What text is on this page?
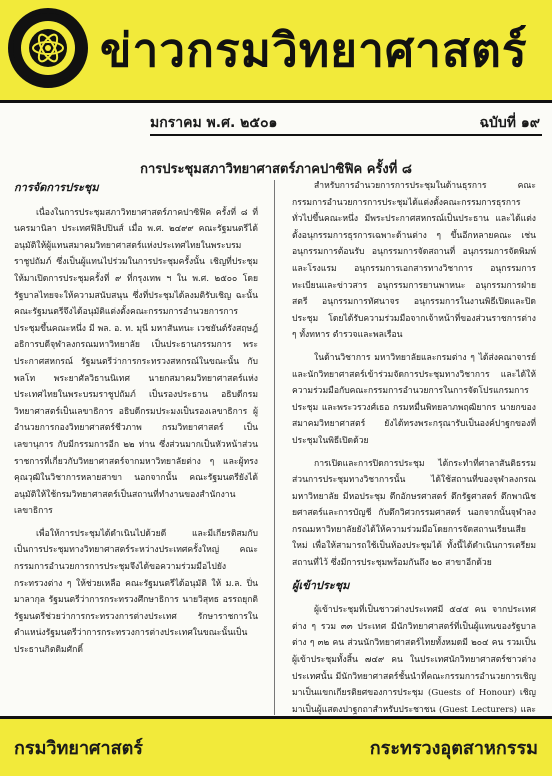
ข่าวกรมวิทยาศาสตร์
มกราคม พ.ศ. ๒๕๐๑	ฉบับที่ ๑๙
การประชุมสภาวิทยาศาสตร์ภาคปาซิฟิค ครั้งที่ ๘
การจัดการประชุม

เนื่องในการประชุมสภาวิทยาศาสตร์ภาคปาซิฟิค ครั้งที่ ๘ ที่นครมานิลา ประเทศฟิลิปปินส์ เมื่อ พ.ศ. ๒๔๙๙ คณะรัฐมนตรีได้อนุมัติให้ผู้แทนสมาคมวิทยาศาสตร์แห่งประเทศไทยในพระบรมราชูปถัมภ์ ซึ่งเป็นผู้แทนไปร่วมในการประชุมครั้งนั้น เชิญที่ประชุมให้มาเปิดการประชุมครั้งที่ ๙ ที่กรุงเทพ ฯ ใน พ.ศ. ๒๕๐๐ โดยรัฐบาลไทยจะให้ความสนับสนุน ซึ่งที่ประชุมได้ลงมติรับเชิญ ฉะนั้นคณะรัฐมนตรีจึงได้อนุมัติแต่งตั้งคณะกรรมการอำนวยการการประชุมขึ้นคณะหนึ่ง มี พล. อ. ท. มุนี มหาสันทนะ เวชยันต์รังสฤษฎ์ อธิการบดีจุฬาลงกรณมหาวิทยาลัย เป็นประธานกรรมการ พระประกาศสหกรณ์ รัฐมนตรีว่าการกระทรวงสหกรณ์ในขณะนั้น กับพลโท พระยาศัลวิธานนิเทศ นายกสมาคมวิทยาศาสตร์แห่งประเทศไทยในพระบรมราชูปถัมภ์ เป็นรองประธาน อธิบดีกรมวิทยาศาสตร์เป็นเลขาธิการ อธิบดีกรมประมงเป็นรองเลขาธิการ ผู้อำนวยการกองวิทยาศาสตร์ชีวภาพ กรมวิทยาศาสตร์ เป็นเลขานุการ กับมีกรรมการอีก ๒๒ ท่าน ซึ่งส่วนมากเป็นหัวหน้าส่วนราชการที่เกี่ยวกับวิทยาศาสตร์จากมหาวิทยาลัยต่าง ๆ และผู้ทรงคุณวุฒิในวิชาการหลายสาขา นอกจากนั้น คณะรัฐมนตรียังได้อนุมัติให้ใช้กรมวิทยาศาสตร์เป็นสถานที่ทำงานของสำนักงานเลขาธิการ

เพื่อให้การประชุมได้ดำเนินไปด้วยดี และมีเกียรติสมกับเป็นการประชุมทางวิทยาศาสตร์ระหว่างประเทศครั้งใหญ่ คณะกรรมการอำนวยการการประชุมจึงได้ขอความร่วมมือไปยังกระทรวงต่าง ๆ ให้ช่วยเหลือ คณะรัฐมนตรีได้อนุมัติ ให้ ม.ล. ปิ่น มาลากุล รัฐมนตรีว่าการกระทรวงศึกษาธิการ นายวิสุทธ อรรถยุกติ รัฐมนตรีช่วยว่าการกระทรวงการต่างประเทศ รักษาราชการในตำแหน่งรัฐมนตรีว่าการกระทรวงการต่างประเทศในขณะนั้นเป็นประธานกิตติมศักดิ์

สำหรับการอำนวยการการประชุมในด้านธุรการ คณะกรรมการอำนวยการการประชุมได้แต่งตั้งคณะกรรมการธุรการทั่วไปขึ้นคณะหนึ่ง มีพระประกาศสหกรณ์เป็นประธาน และได้แต่งตั้งอนุกรรมการธุรการเฉพาะด้านต่าง ๆ ขึ้นอีกหลายคณะ เช่นอนุกรรมการต้อนรับ อนุกรรมการจัดสถานที่ อนุกรรมการจัดพิมพ์ และโรงแรม อนุกรรมการเอกสารทางวิชาการ อนุกรรมการทะเบียนและข่าวสาร อนุกรรมการยานพาหนะ อนุกรรมการฝ่ายสตรี อนุกรรมการทัศนาจร อนุกรรมการในงานพิธีเปิดและปิดประชุม โดยได้รับความร่วมมือจากเจ้าหน้าที่ของส่วนราชการต่าง ๆ ทั้งทหาร ตำรวจและพลเรือน

ในด้านวิชาการ มหาวิทยาลัยและกรมต่าง ๆ ได้ส่งคณาจารย์และนักวิทยาศาสตร์เข้าร่วมจัดการประชุมทางวิชาการ และได้ให้ความร่วมมือกับคณะกรรมการอำนวยการในการจัดโปรแกรมการประชุม และพระวรวงศ์เธอ กรมหมื่นพิทยลาภพฤฒิยากร นายกของสมาคมวิทยาศาสตร์ ยังได้ทรงพระกรุณารับเป็นองค์ปาฐกของที่ประชุมในพิธีเปิดด้วย

การเปิดและการปิดการประชุม ได้กระทำที่ศาลาสันติธรรม ส่วนการประชุมทางวิชาการนั้น ได้ใช้สถานที่ของจุฬาลงกรณมหาวิทยาลัย มีหอประชุม ตึกอักษรศาสตร์ ตึกรัฐศาสตร์ ตึกพาณิชยศาสตร์และการบัญชี กับตึกวิศวกรรมศาสตร์ นอกจากนั้นจุฬาลงกรณมหาวิทยาลัยยังได้ให้ความร่วมมือโดยการจัดสถานเรียนเสียใหม่ เพื่อให้สามารถใช้เป็นห้องประชุมได้ ทั้งนี้ได้ดำเนินการเตรียมสถานที่ไว้ ซึ่งมีการประชุมพร้อมกันถึง ๒๐ สาขาอีกด้วย

ผู้เข้าประชุม

ผู้เข้าประชุมที่เป็นชาวต่างประเทศมี ๕๔๕ คน จากประเทศต่าง ๆ รวม ๓๓ ประเทศ มีนักวิทยาศาสตร์ที่เป็นผู้แทนของรัฐบาลต่าง ๆ ๓๒ คน ส่วนนักวิทยาศาสตร์ไทยทั้งหมดมี ๒๐๔ คน รวมเป็นผู้เข้าประชุมทั้งสิ้น ๗๔๙ คน ในประเทศนักวิทยาศาสตร์ชาวต่างประเทศนั้น มีนักวิทยาศาสตร์ชั้นนำที่คณะกรรมการอำนวยการเชิญมาเป็นแขกเกียรติยศของการประชุม (Guests of Honour) เชิญมาเป็นผู้แสดงปาฐกถาสำหรับประชาชน (Guest Lecturers) และ

กรมวิทยาศาสตร์	กระทรวงอุตสาหกรรม
